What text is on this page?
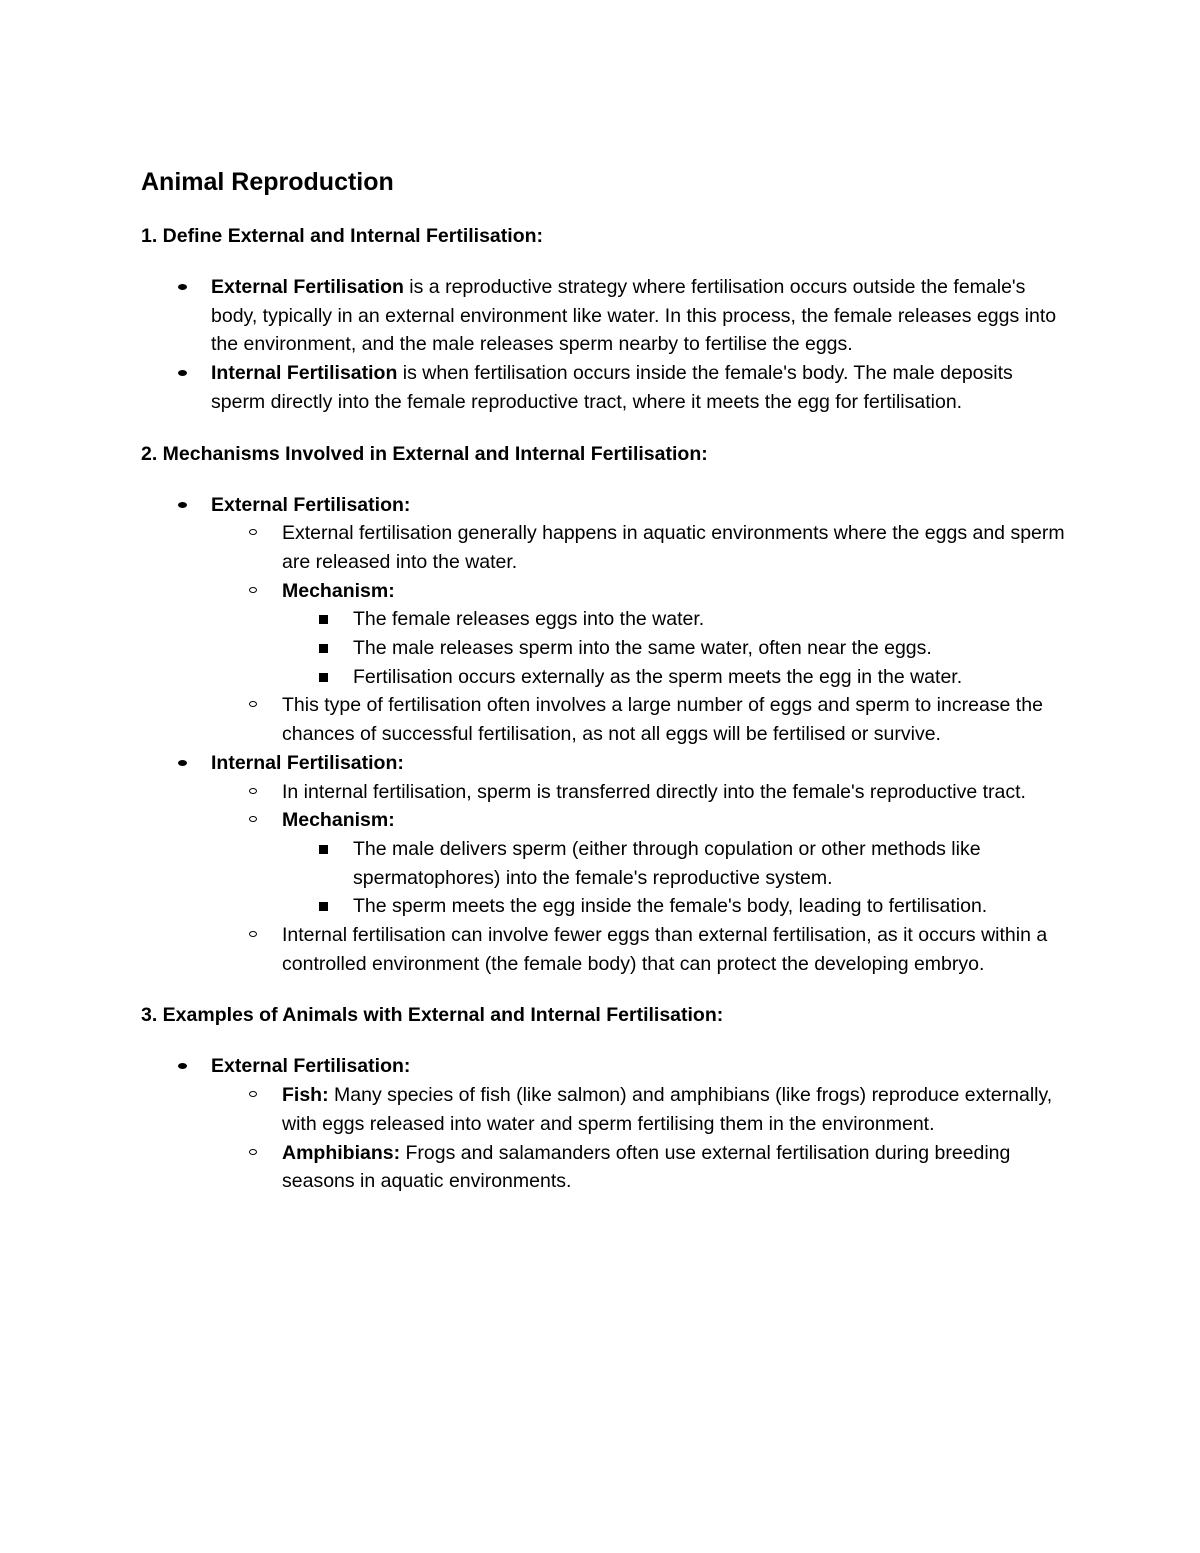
Animal Reproduction
1. Define External and Internal Fertilisation:
External Fertilisation is a reproductive strategy where fertilisation occurs outside the female's body, typically in an external environment like water. In this process, the female releases eggs into the environment, and the male releases sperm nearby to fertilise the eggs.
Internal Fertilisation is when fertilisation occurs inside the female's body. The male deposits sperm directly into the female reproductive tract, where it meets the egg for fertilisation.
2. Mechanisms Involved in External and Internal Fertilisation:
External Fertilisation:
External fertilisation generally happens in aquatic environments where the eggs and sperm are released into the water.
Mechanism:
The female releases eggs into the water.
The male releases sperm into the same water, often near the eggs.
Fertilisation occurs externally as the sperm meets the egg in the water.
This type of fertilisation often involves a large number of eggs and sperm to increase the chances of successful fertilisation, as not all eggs will be fertilised or survive.
Internal Fertilisation:
In internal fertilisation, sperm is transferred directly into the female's reproductive tract.
Mechanism:
The male delivers sperm (either through copulation or other methods like spermatophores) into the female's reproductive system.
The sperm meets the egg inside the female's body, leading to fertilisation.
Internal fertilisation can involve fewer eggs than external fertilisation, as it occurs within a controlled environment (the female body) that can protect the developing embryo.
3. Examples of Animals with External and Internal Fertilisation:
External Fertilisation:
Fish: Many species of fish (like salmon) and amphibians (like frogs) reproduce externally, with eggs released into water and sperm fertilising them in the environment.
Amphibians: Frogs and salamanders often use external fertilisation during breeding seasons in aquatic environments.
